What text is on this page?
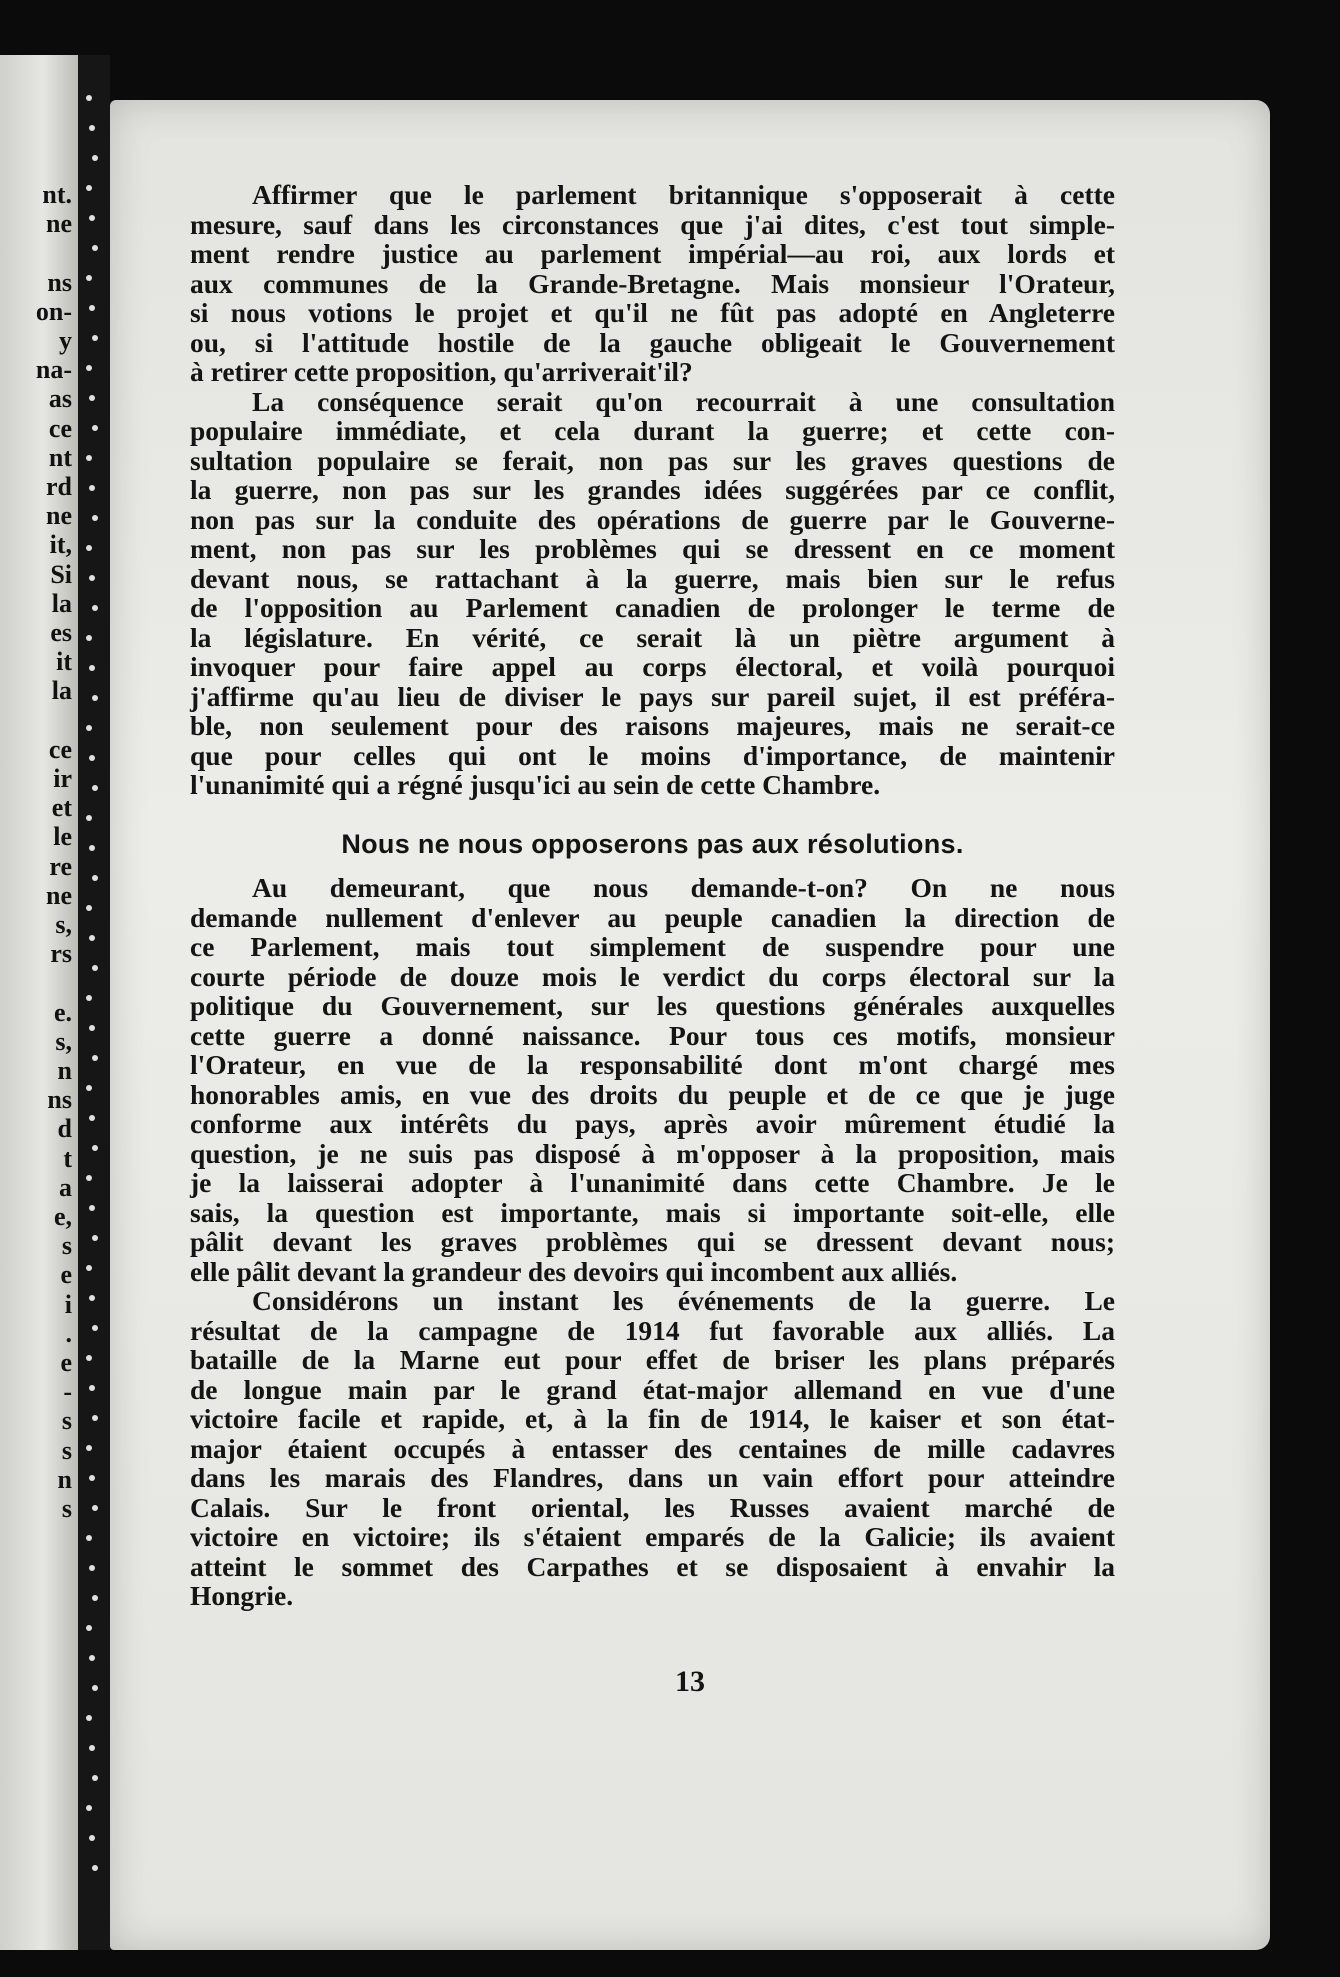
nt.
ne
ns
on-
y
na-
as
ce
nt
rd
ne
it,
Si
la
es
it
la
ce
ir
et
le
re
ne
s,
rs
e.
s,
n
ns
d
t
a
e,
s
e
i
.
e
-
s
s
n
s
Affirmer que le parlement britannique s'opposerait à cette
mesure, sauf dans les circonstances que j'ai dites, c'est tout simple-
ment rendre justice au parlement impérial—au roi, aux lords et
aux communes de la Grande-Bretagne. Mais monsieur l'Orateur,
si nous votions le projet et qu'il ne fût pas adopté en Angleterre
ou, si l'attitude hostile de la gauche obligeait le Gouvernement
à retirer cette proposition, qu'arriverait'il?
La conséquence serait qu'on recourrait à une consultation
populaire immédiate, et cela durant la guerre; et cette con-
sultation populaire se ferait, non pas sur les graves questions de
la guerre, non pas sur les grandes idées suggérées par ce conflit,
non pas sur la conduite des opérations de guerre par le Gouverne-
ment, non pas sur les problèmes qui se dressent en ce moment
devant nous, se rattachant à la guerre, mais bien sur le refus
de l'opposition au Parlement canadien de prolonger le terme de
la législature. En vérité, ce serait là un piètre argument à
invoquer pour faire appel au corps électoral, et voilà pourquoi
j'affirme qu'au lieu de diviser le pays sur pareil sujet, il est préféra-
ble, non seulement pour des raisons majeures, mais ne serait-ce
que pour celles qui ont le moins d'importance, de maintenir
l'unanimité qui a régné jusqu'ici au sein de cette Chambre.
Nous ne nous opposerons pas aux résolutions.
Au demeurant, que nous demande-t-on? On ne nous
demande nullement d'enlever au peuple canadien la direction de
ce Parlement, mais tout simplement de suspendre pour une
courte période de douze mois le verdict du corps électoral sur la
politique du Gouvernement, sur les questions générales auxquelles
cette guerre a donné naissance. Pour tous ces motifs, monsieur
l'Orateur, en vue de la responsabilité dont m'ont chargé mes
honorables amis, en vue des droits du peuple et de ce que je juge
conforme aux intérêts du pays, après avoir mûrement étudié la
question, je ne suis pas disposé à m'opposer à la proposition, mais
je la laisserai adopter à l'unanimité dans cette Chambre. Je le
sais, la question est importante, mais si importante soit-elle, elle
pâlit devant les graves problèmes qui se dressent devant nous;
elle pâlit devant la grandeur des devoirs qui incombent aux alliés.
Considérons un instant les événements de la guerre. Le
résultat de la campagne de 1914 fut favorable aux alliés. La
bataille de la Marne eut pour effet de briser les plans préparés
de longue main par le grand état-major allemand en vue d'une
victoire facile et rapide, et, à la fin de 1914, le kaiser et son état-
major étaient occupés à entasser des centaines de mille cadavres
dans les marais des Flandres, dans un vain effort pour atteindre
Calais. Sur le front oriental, les Russes avaient marché de
victoire en victoire; ils s'étaient emparés de la Galicie; ils avaient
atteint le sommet des Carpathes et se disposaient à envahir la
Hongrie.
13
